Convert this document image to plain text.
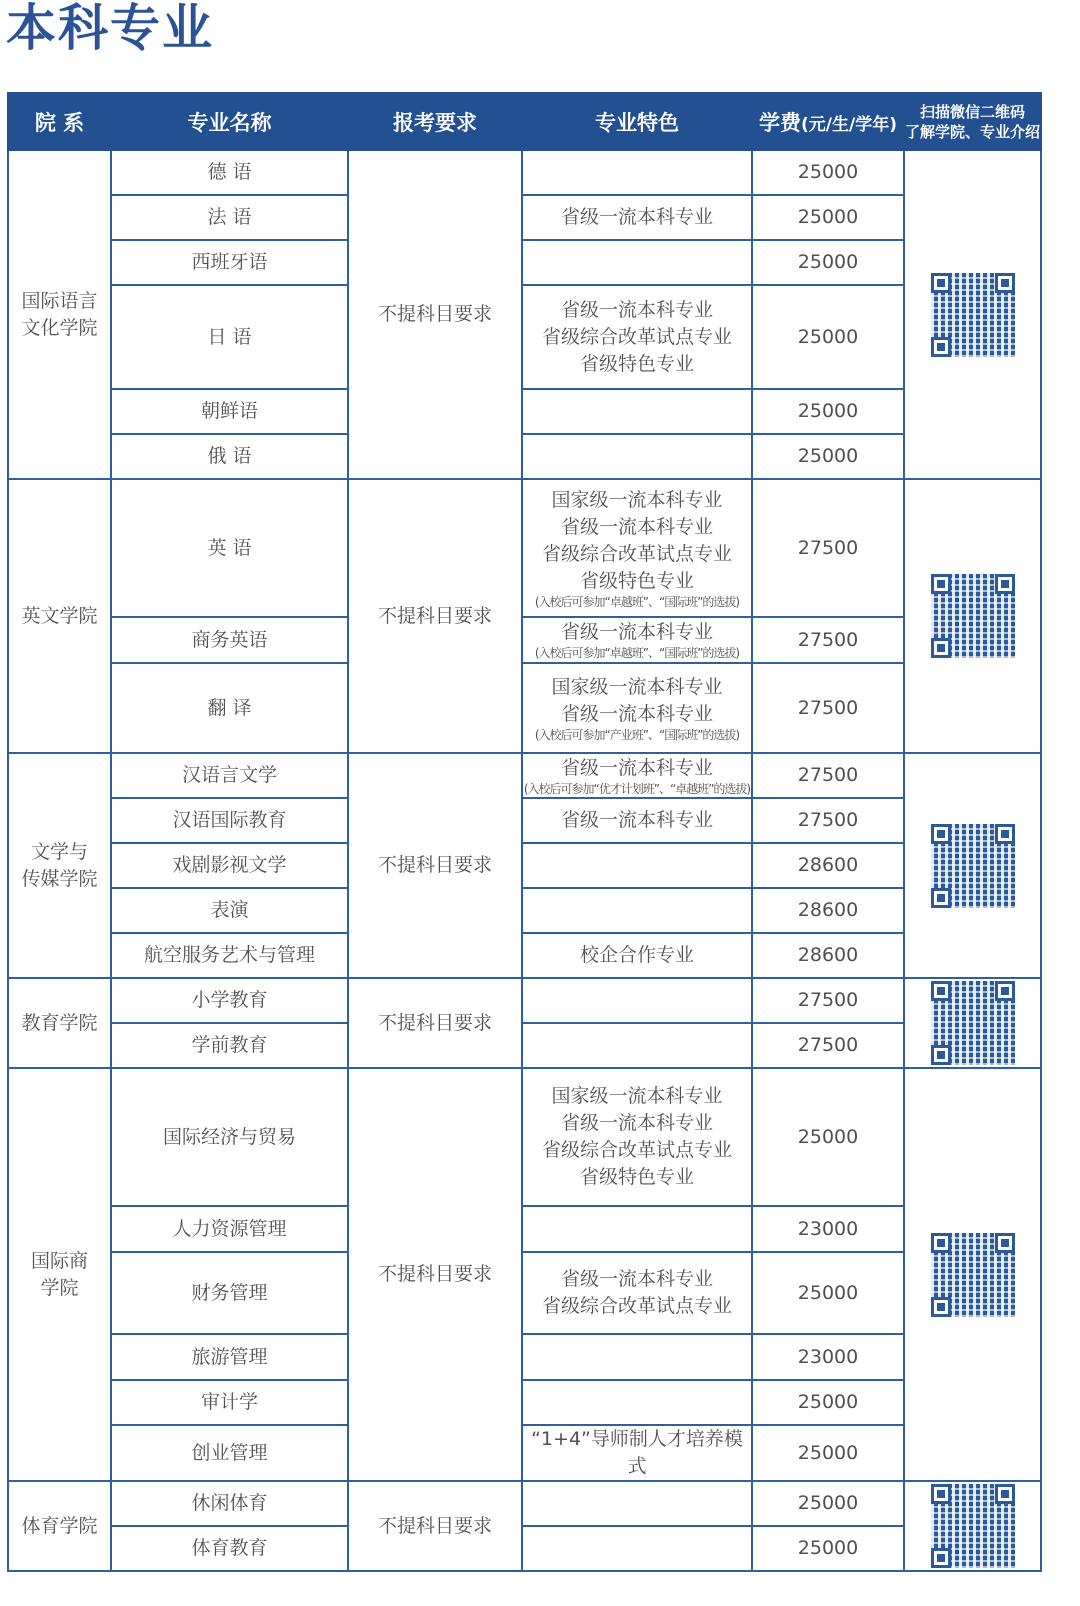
本科专业
院 系	专业名称	报考要求	专业特色	学费(元/生/学年)	扫描微信二维码
了解学院、专业介绍

国际语言
文化学院	德 语	不提科目要求		25000	

	法 语		省级一流本科专业	25000	
	西班牙语			25000	
	日 语		省级一流本科专业
省级综合改革试点专业
省级特色专业	25000	
	朝鲜语			25000	
	俄 语			25000	

英文学院	英 语	不提科目要求	国家级一流本科专业
省级一流本科专业
省级综合改革试点专业
省级特色专业
(入校后可参加“卓越班”、“国际班”的选拔)	27500	

	商务英语		省级一流本科专业
(入校后可参加“卓越班”、“国际班”的选拔)	27500	
	翻 译		国家级一流本科专业
省级一流本科专业
(入校后可参加“产业班”、“国际班”的选拔)	27500	

文学与
传媒学院
	汉语言文学	不提科目要求	
省级一流本科专业
(入校后可参加“优才计划班”、“卓越班”的选拔)
	27500	

	汉语国际教育		省级一流本科专业	27500	
	戏剧影视文学			28600	
	表演			28600	
	航空服务艺术与管理		校企合作专业	28600	

教育学院	小学教育	不提科目要求		27500	

	学前教育			27500	

国际商
学院
	国际经济与贸易	不提科目要求	
国家级一流本科专业
省级一流本科专业
省级综合改革试点专业
省级特色专业
	25000	

	人力资源管理			23000	
	财务管理		省级一流本科专业
省级综合改革试点专业	25000	
	旅游管理			23000	
	审计学			25000	
	创业管理		“1+4”导师制人才培养模式	25000	

体育学院	休闲体育	不提科目要求		25000	

	体育教育			25000	
